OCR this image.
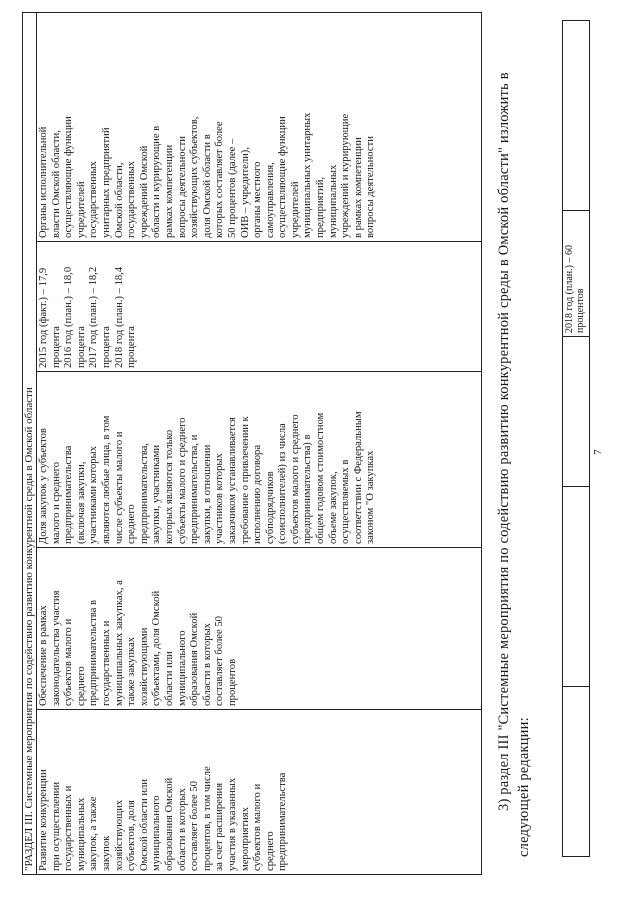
7
			2018 год (план.) – 60
процентов	
3) раздел III "Системные мероприятия по содействию развитию конкурентной среды в Омской области" изложить в следующей редакции:
"РАЗДЕЛ III. Системные мероприятия по содействию развитию конкурентной среды в Омской области
Развитие конкуренции
при осуществлении
государственных и
муниципальных
закупок, а также
закупок
хозяйствующих
субъектов, доля
Омской области или
муниципального
образования Омской
области в которых
составляет более 50
процентов, в том числе
за счет расширения
участия в указанных
мероприятиях
субъектов малого и
среднего
предпринимательства	Обеспечение в рамках
законодательства участия
субъектов малого и
среднего
предпринимательства в
государственных и
муниципальных закупках, а
также закупках
хозяйствующими
субъектами, доля Омской
области или
муниципального
образования Омской
области в которых
составляет более 50
процентов	Доля закупок у субъектов
малого и среднего
предпринимательства
(включая закупки,
участниками которых
являются любые лица, в том
числе субъекты малого и
среднего
предпринимательства,
закупки, участниками
которых являются только
субъекты малого и среднего
предпринимательства, и
закупки, в отношении
участников которых
заказчиком устанавливается
требование о привлечении к
исполнению договора
субподрядчиков
(соисполнителей) из числа
субъектов малого и среднего
предпринимательства) в
общем годовом стоимостном
объеме закупок,
осуществляемых в
соответствии с Федеральным
законом "О закупках	2015 год (факт.) – 17,9
процента
2016 год (план.) – 18,0
процента
2017 год (план.) – 18,2
процента
2018 год (план.) – 18,4
процента	Органы исполнительной
власти Омской области,
осуществляющие функции
учредителей
государственных
унитарных предприятий
Омской области,
государственных
учреждений Омской
области и курирующие в
рамках компетенции
вопросы деятельности
хозяйствующих субъектов,
доля Омской области в
которых составляет более
50 процентов (далее –
ОИВ – учредители),
органы местного
самоуправления,
осуществляющие функции
учредителей
муниципальных унитарных
предприятий,
муниципальных
учреждений и курирующие
в рамках компетенции
вопросы деятельности
